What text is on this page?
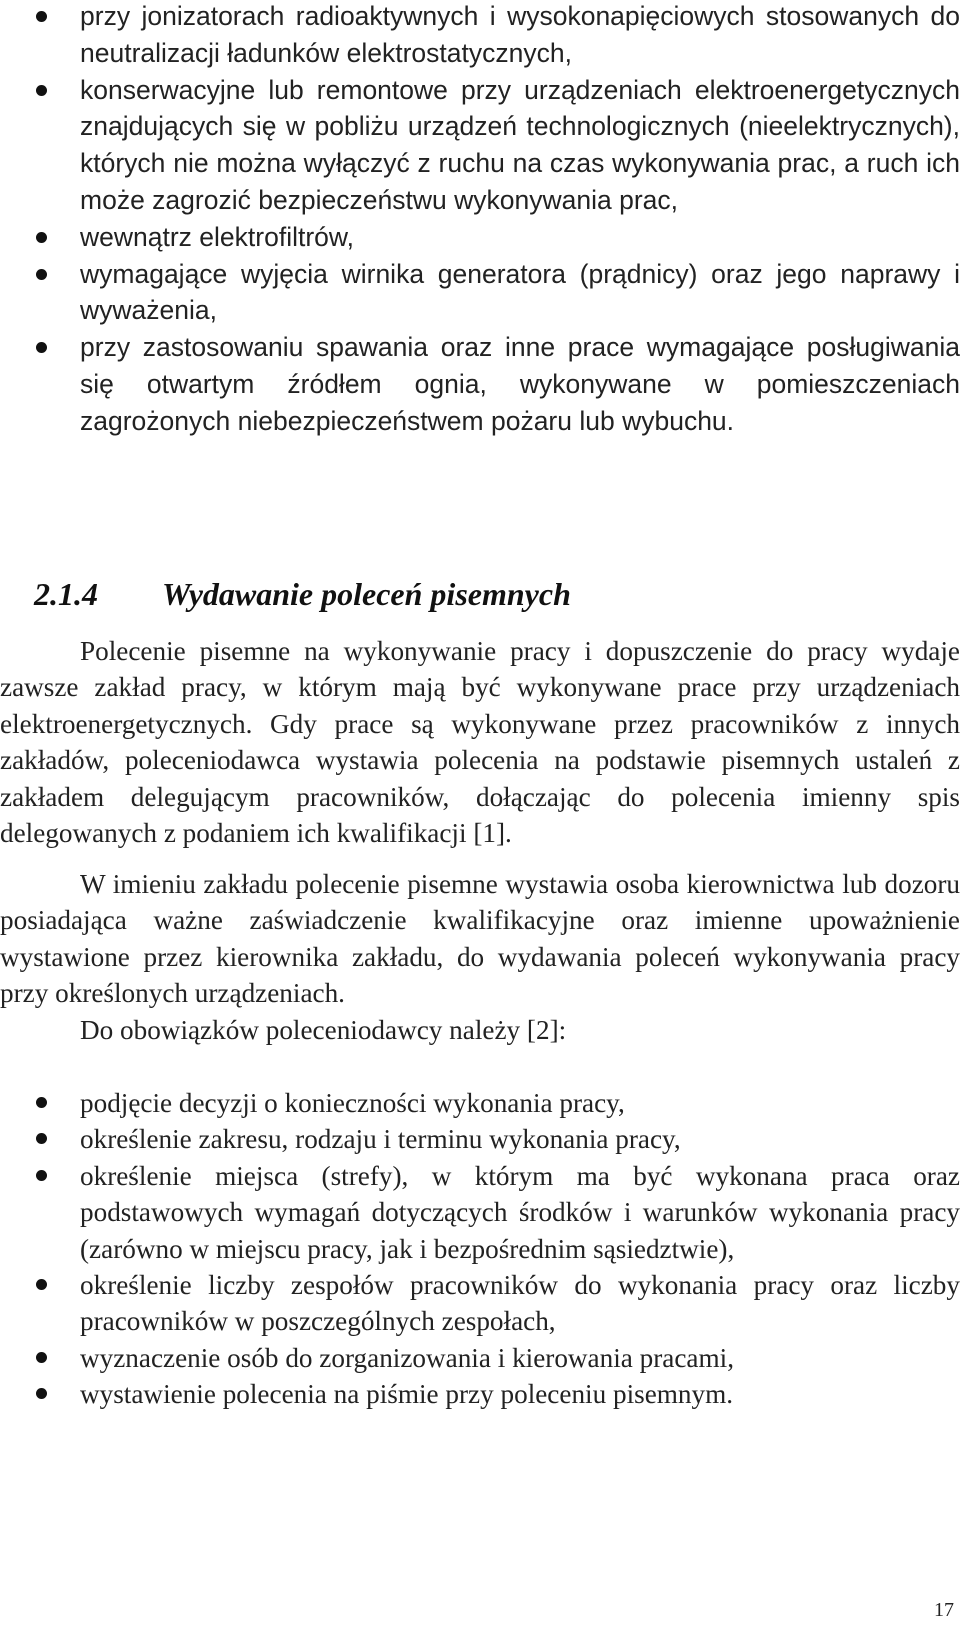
przy jonizatorach radioaktywnych i wysokonapięciowych stosowanych do neutralizacji ładunków elektrostatycznych,
konserwacyjne lub remontowe przy urządzeniach elektroenergetycznych znajdujących się w pobliżu urządzeń technologicznych (nieelektrycznych), których nie można wyłączyć z ruchu na czas wykonywania prac, a ruch ich może zagrozić bezpieczeństwu wykonywania prac,
wewnątrz elektrofiltrów,
wymagające wyjęcia wirnika generatora (prądnicy) oraz jego naprawy i wyważenia,
przy zastosowaniu spawania oraz inne prace wymagające posługiwania się otwartym źródłem ognia, wykonywane w pomieszczeniach zagrożonych niebezpieczeństwem pożaru lub wybuchu.
2.1.4 Wydawanie poleceń pisemnych

Polecenie pisemne na wykonywanie pracy i dopuszczenie do pracy wydaje zawsze zakład pracy, w którym mają być wykonywane prace przy urządzeniach elektroenergetycznych. Gdy prace są wykonywane przez pracowników z innych zakładów, poleceniodawca wystawia polecenia na podstawie pisemnych ustaleń z zakładem delegującym pracowników, dołączając do polecenia imienny spis delegowanych z podaniem ich kwalifikacji [1].

W imieniu zakładu polecenie pisemne wystawia osoba kierownictwa lub dozoru posiadająca ważne zaświadczenie kwalifikacyjne oraz imienne upoważnienie wystawione przez kierownika zakładu, do wydawania poleceń wykonywania pracy przy określonych urządzeniach.

Do obowiązków poleceniodawcy należy [2]:

podjęcie decyzji o konieczności wykonania pracy,
określenie zakresu, rodzaju i terminu wykonania pracy,
określenie miejsca (strefy), w którym ma być wykonana praca oraz podstawowych wymagań dotyczących środków i warunków wykonania pracy (zarówno w miejscu pracy, jak i bezpośrednim sąsiedztwie),
określenie liczby zespołów pracowników do wykonania pracy oraz liczby pracowników w poszczególnych zespołach,
wyznaczenie osób do zorganizowania i kierowania pracami,
wystawienie polecenia na piśmie przy poleceniu pisemnym.
17
